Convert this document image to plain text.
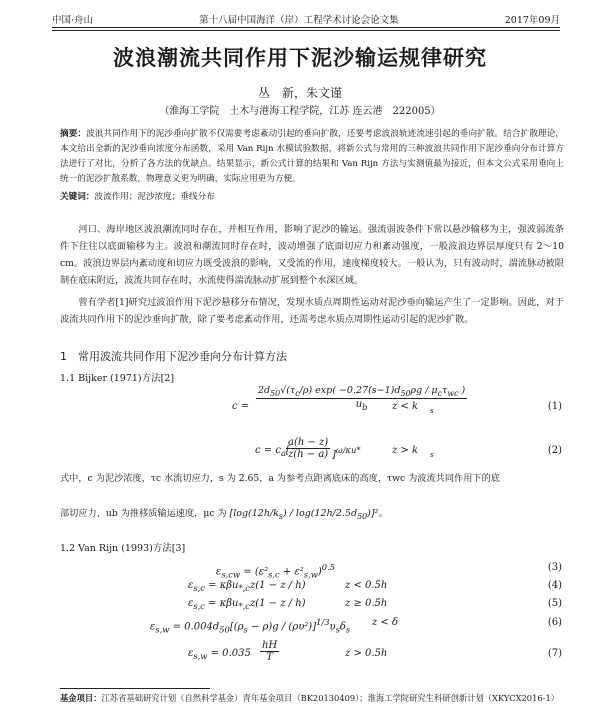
中国·舟山	第十八届中国海洋（岸）工程学术讨论会论文集	2017年09月
波浪潮流共同作用下泥沙输运规律研究
丛　新，朱文谨
（淮海工学院　土木与港海工程学院，江苏 连云港　222005）
摘要：波浪共同作用下的泥沙垂向扩散不仅需要考虑紊动引起的垂向扩散，还要考虑波浪轨迹流速引起的垂向扩散。结合扩散理论，本文给出全新的泥沙垂向浓度分布函数，采用 Van Rijn 水模试验数据，将新公式与常用的三种波浪共同作用下泥沙垂向分布计算方法进行了对比，分析了各方法的优缺点。结果显示，新公式计算的结果和 Van Rijn 方法与实测值最为接近，但本文公式采用垂向上统一的泥沙扩散系数，物理意义更为明确，实际应用更为方便。
关键词：波流作用；泥沙浓度；垂线分布
河口、海岸地区波浪潮流同时存在，并相互作用，影响了泥沙的输运。强流弱波条件下常以悬沙输移为主，强波弱流条件下往往以底面输移为主。波浪和潮流同时存在时，波动增强了底面切应力和紊动强度，一般波浪边界层厚度只有 2～10 cm。波浪边界层内紊动度和切应力既受波浪的影响，又受流的作用，速度梯度较大。一般认为，只有波动时，湍流脉动被限制在底床附近，波流共同存在时，水流使得湍流脉动扩展到整个水深区域。
曾有学者[1]研究过波浪作用下泥沙悬移分布情况，发现水质点周期性运动对泥沙垂向输运产生了一定影响。因此，对于波流共同作用下的泥沙垂向扩散，除了要考虑紊动作用，还需考虑水质点周期性运动引起的泥沙扩散。
1　常用波流共同作用下泥沙垂向分布计算方法
1.1 Bijker (1971)方法[2]
c =
$2d_{50}√(\tau_c/\rho)$ $\exp( -0.27(s-1)d_{50}\rho g / \mu_c\tau_{wc}$ )
$u_b$ z < k s	(1)
$c = c_a$[
$\frac{a(h - z)}{z(h - a)} ]^{\omega/\kappa u*}$	z > k s	(2)
式中，c 为泥沙浓度，τc 水流切应力，s 为 2.65，a 为参考点距离底床的高度，τwc 为波流共同作用下的底
部切应力，ub 为推移质输运速度，μc 为 $[\log(12h/k_s) / \log(12h/2.5d_{50})]^2$。
1.2 Van Rijn (1993)方法[3]
$\varepsilon_{s,cw} = (\varepsilon^2_{s,c} + \varepsilon^2_{s,w})^{0.5}$	(3)
$\varepsilon_{s,c} = \kappa\beta u_{*,c}z(1 - z / h)$	z < 0.5h	(4)
$\varepsilon_{s,c} = \kappa\beta u_{*,c}z(1 - z / h)$	z ≥ 0.5h	(5)
$\varepsilon_{s,w} = 0.004d_{50}[(\rho_s - \rho)g / (\rho\upsilon^2)]^{1/3}\upsilon_s\delta_s$
z < δ	(6)
$\varepsilon_{s,w} = 0.035 \frac{hH}{T}$	z > 0.5h	(7)
基金项目：江苏省基础研究计划（自然科学基金）青年基金项目（BK20130409）；淮海工学院研究生科研创新计划（XKYCX2016-1）
